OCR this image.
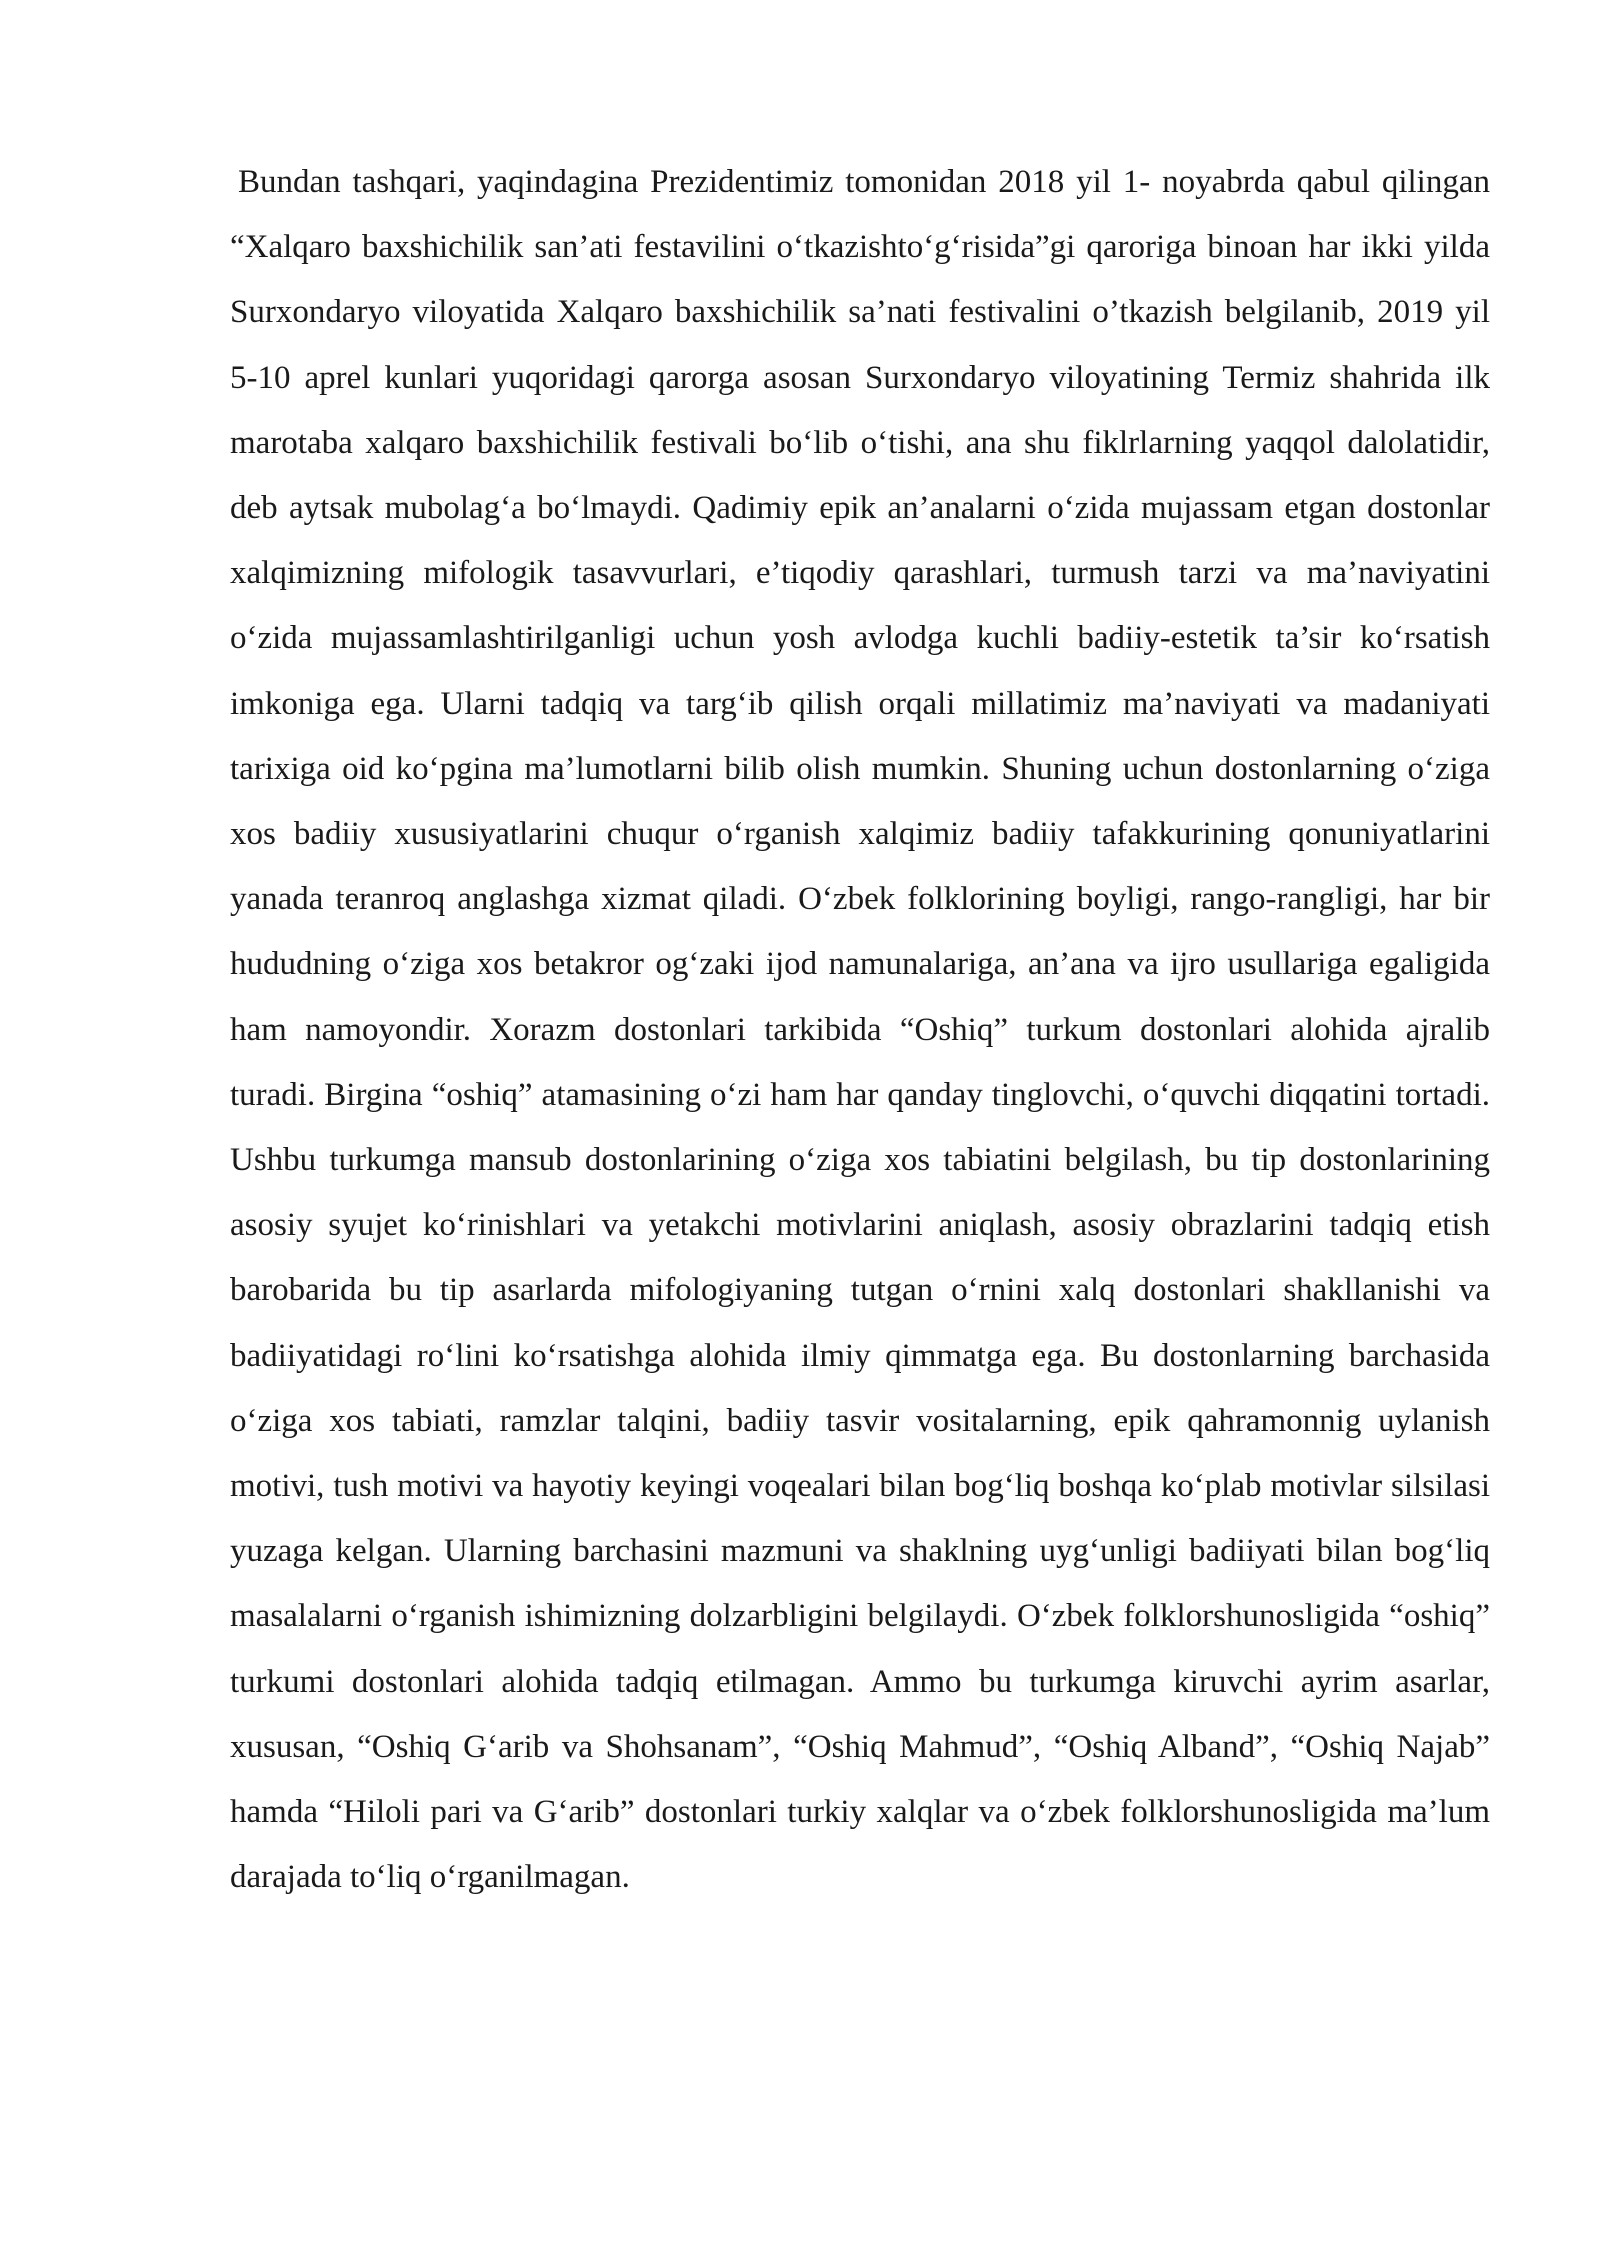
Bundan tashqari, yaqindagina Prezidentimiz tomonidan 2018 yil 1- noyabrda qabul qilingan “Xalqaro baxshichilik san’ati festavilini oʻtkazishtoʻgʻrisida”gi qaroriga binoan har ikki yilda Surxondaryo viloyatida Xalqaro baxshichilik sa’nati festivalini o’tkazish belgilanib, 2019 yil 5-10 aprel kunlari yuqoridagi qarorga asosan Surxondaryo viloyatining Termiz shahrida ilk marotaba xalqaro baxshichilik festivali boʻlib oʻtishi, ana shu fiklrlarning yaqqol dalolatidir, deb aytsak mubolagʻa boʻlmaydi. Qadimiy epik an’analarni oʻzida mujassam etgan dostonlar xalqimizning mifologik tasavvurlari, e’tiqodiy qarashlari, turmush tarzi va ma’naviyatini oʻzida mujassamlashtirilganligi uchun yosh avlodga kuchli badiiy-estetik ta’sir koʻrsatish imkoniga ega. Ularni tadqiq va targʻib qilish orqali millatimiz ma’naviyati va madaniyati tarixiga oid koʻpgina ma’lumotlarni bilib olish mumkin. Shuning uchun dostonlarning oʻziga xos badiiy xususiyatlarini chuqur oʻrganish xalqimiz badiiy tafakkurining qonuniyatlarini yanada teranroq anglashga xizmat qiladi. Oʻzbek folklorining boyligi, rango-rangligi, har bir hududning oʻziga xos betakror ogʻzaki ijod namunalariga, an’ana va ijro usullariga egaligida ham namoyondir. Xorazm dostonlari tarkibida “Oshiq” turkum dostonlari alohida ajralib turadi. Birgina “oshiq” atamasining oʻzi ham har qanday tinglovchi, oʻquvchi diqqatini tortadi. Ushbu turkumga mansub dostonlarining oʻziga xos tabiatini belgilash, bu tip dostonlarining asosiy syujet koʻrinishlari va yetakchi motivlarini aniqlash, asosiy obrazlarini tadqiq etish barobarida bu tip asarlarda mifologiyaning tutgan oʻrnini xalq dostonlari shakllanishi va badiiyatidagi roʻlini koʻrsatishga alohida ilmiy qimmatga ega. Bu dostonlarning barchasida oʻziga xos tabiati, ramzlar talqini, badiiy tasvir vositalarning, epik qahramonnig uylanish motivi, tush motivi va hayotiy keyingi voqealari bilan bogʻliq boshqa koʻplab motivlar silsilasi yuzaga kelgan. Ularning barchasini mazmuni va shaklning uygʻunligi badiiyati bilan bogʻliq masalalarni oʻrganish ishimizning dolzarbligini belgilaydi. Oʻzbek folklorshunosligida “oshiq” turkumi dostonlari alohida tadqiq etilmagan. Ammo bu turkumga kiruvchi ayrim asarlar, xususan, “Oshiq Gʻarib va Shohsanam”, “Oshiq Mahmud”, “Oshiq Alband”, “Oshiq Najab” hamda “Hiloli pari va Gʻarib” dostonlari turkiy xalqlar va oʻzbek folklorshunosligida ma’lum darajada toʻliq oʻrganilmagan.
